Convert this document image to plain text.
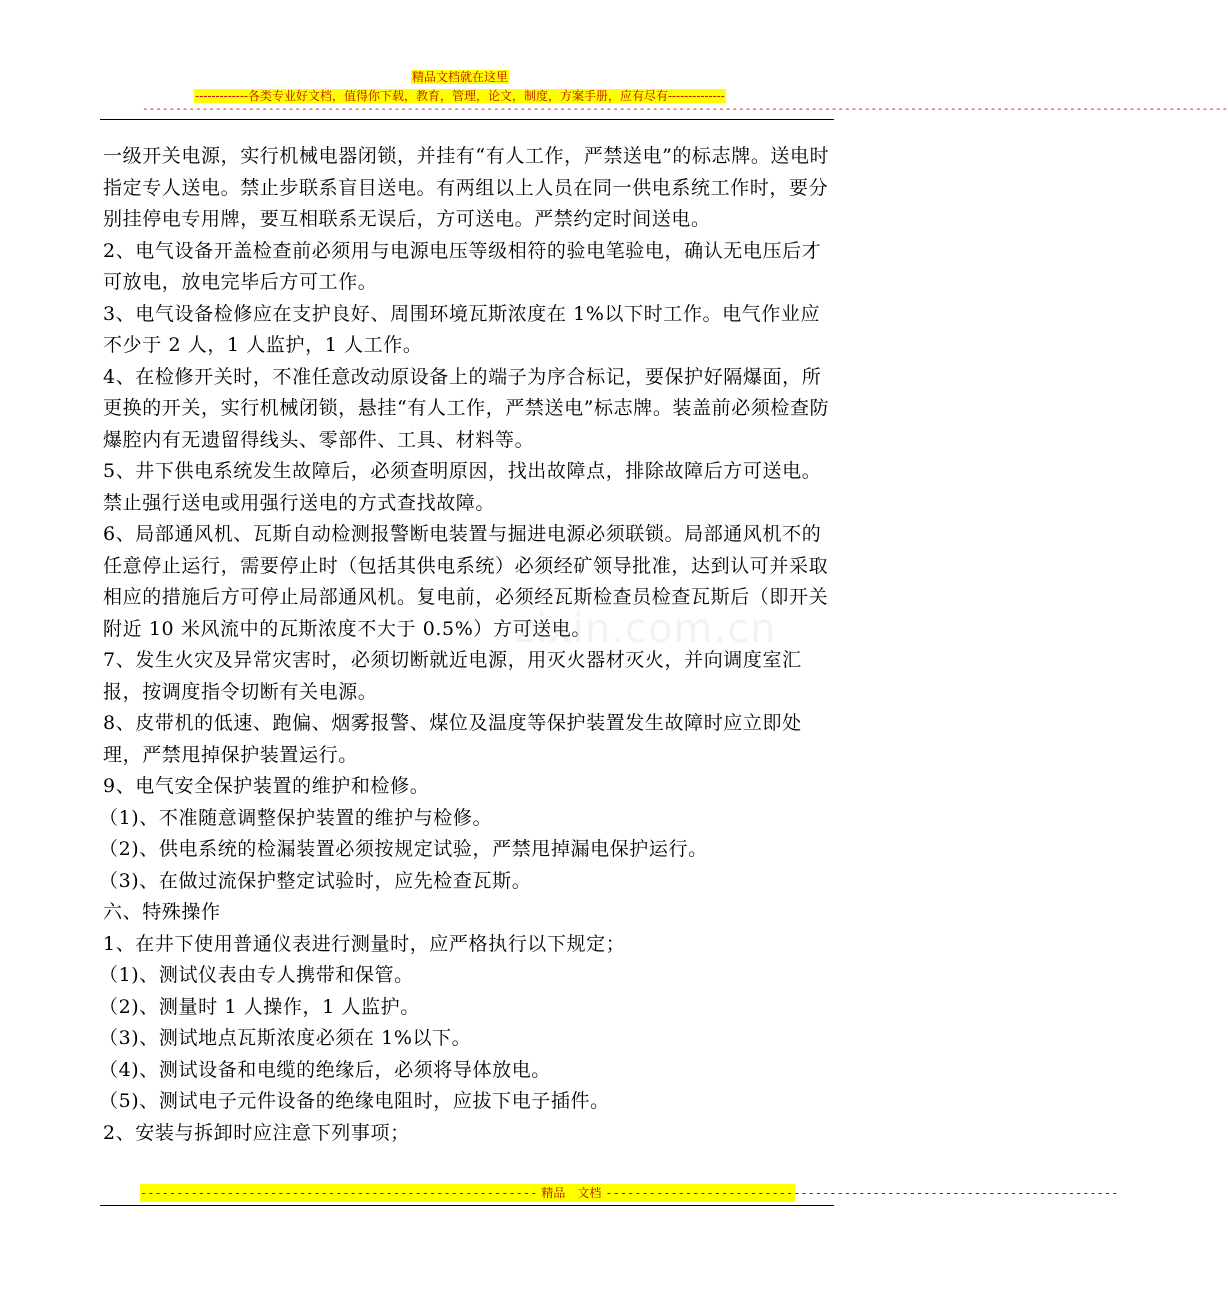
精品文档就在这里
-------------各类专业好文档，值得你下载，教育，管理，论文，制度，方案手册，应有尽有--------------
--------------------------------------------------------------------------------------------------------------------------------------------------------------------
zixin.com.cn

一级开关电源，实行机械电器闭锁，并挂有“有人工作，严禁送电”的标志牌。送电时指定专人送电。禁止步联系盲目送电。有两组以上人员在同一供电系统工作时，要分别挂停电专用牌，要互相联系无误后，方可送电。严禁约定时间送电。

2、电气设备开盖检查前必须用与电源电压等级相符的验电笔验电，确认无电压后才可放电，放电完毕后方可工作。

3、电气设备检修应在支护良好、周围环境瓦斯浓度在 1%以下时工作。电气作业应不少于 2 人，1 人监护，1 人工作。

4、在检修开关时，不准任意改动原设备上的端子为序合标记，要保护好隔爆面，所更换的开关，实行机械闭锁，悬挂“有人工作，严禁送电”标志牌。装盖前必须检查防爆腔内有无遗留得线头、零部件、工具、材料等。

5、井下供电系统发生故障后，必须查明原因，找出故障点，排除故障后方可送电。禁止强行送电或用强行送电的方式查找故障。

6、局部通风机、瓦斯自动检测报警断电装置与掘进电源必须联锁。局部通风机不的任意停止运行，需要停止时（包括其供电系统）必须经矿领导批准，达到认可并采取相应的措施后方可停止局部通风机。复电前，必须经瓦斯检查员检查瓦斯后（即开关附近 10 米风流中的瓦斯浓度不大于 0.5%）方可送电。

7、发生火灾及异常灾害时，必须切断就近电源，用灭火器材灭火，并向调度室汇报，按调度指令切断有关电源。

8、皮带机的低速、跑偏、烟雾报警、煤位及温度等保护装置发生故障时应立即处理，严禁甩掉保护装置运行。

9、电气安全保护装置的维护和检修。

（1)、不准随意调整保护装置的维护与检修。

（2)、供电系统的检漏装置必须按规定试验，严禁甩掉漏电保护运行。

（3)、在做过流保护整定试验时，应先检查瓦斯。

六、特殊操作

1、在井下使用普通仪表进行测量时，应严格执行以下规定；

（1)、测试仪表由专人携带和保管。

（2)、测量时 1 人操作，1 人监护。

（3)、测试地点瓦斯浓度必须在 1%以下。

（4)、测试设备和电缆的绝缘后，必须将导体放电。

（5)、测试电子元件设备的绝缘电阻时，应拔下电子插件。

2、安装与拆卸时应注意下列事项；

------------------------------------------------------- 精品　文档 -----------------------------------------------------------------------
